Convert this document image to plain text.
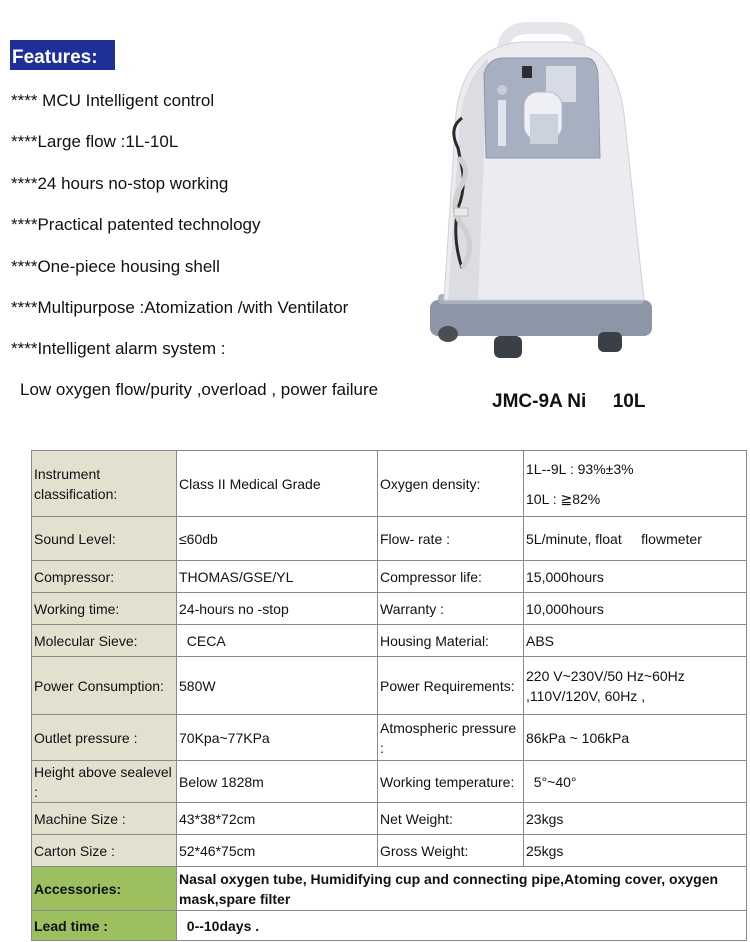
Features:
**** MCU Intelligent control
****Large flow :1L-10L
****24 hours no-stop working
****Practical patented technology
****One-piece housing shell
****Multipurpose :Atomization /with Ventilator
****Intelligent alarm system :
Low oxygen flow/purity ,overload , power failure
JMC-9A Ni     10L
Instrument classification:	Class II Medical Grade	Oxygen density:	1L--9L : 93%±3%
10L : ≧82%

Sound Level:	≤60db	Flow- rate :	5L/minute, float     flowmeter
Compressor:	THOMAS/GSE/YL	Compressor life:	15,000hours
Working time:	24-hours no -stop	Warranty :	10,000hours
Molecular Sieve:	CECA	Housing Material:	ABS
Power Consumption:	580W	Power Requirements:	220 V~230V/50 Hz~60Hz
,110V/120V, 60Hz ,

Outlet pressure :	70Kpa~77KPa	Atmospheric pressure :	86kPa ~ 106kPa
Height above sealevel :	Below 1828m	Working temperature:	5°~40°
Machine Size :	43*38*72cm	Net Weight:	23kgs
Carton Size :	52*46*75cm	Gross Weight:	25kgs
Accessories:	Nasal oxygen tube, Humidifying cup and connecting pipe,Atoming cover, oxygen mask,spare filter		
Lead time :	0--10days .		
